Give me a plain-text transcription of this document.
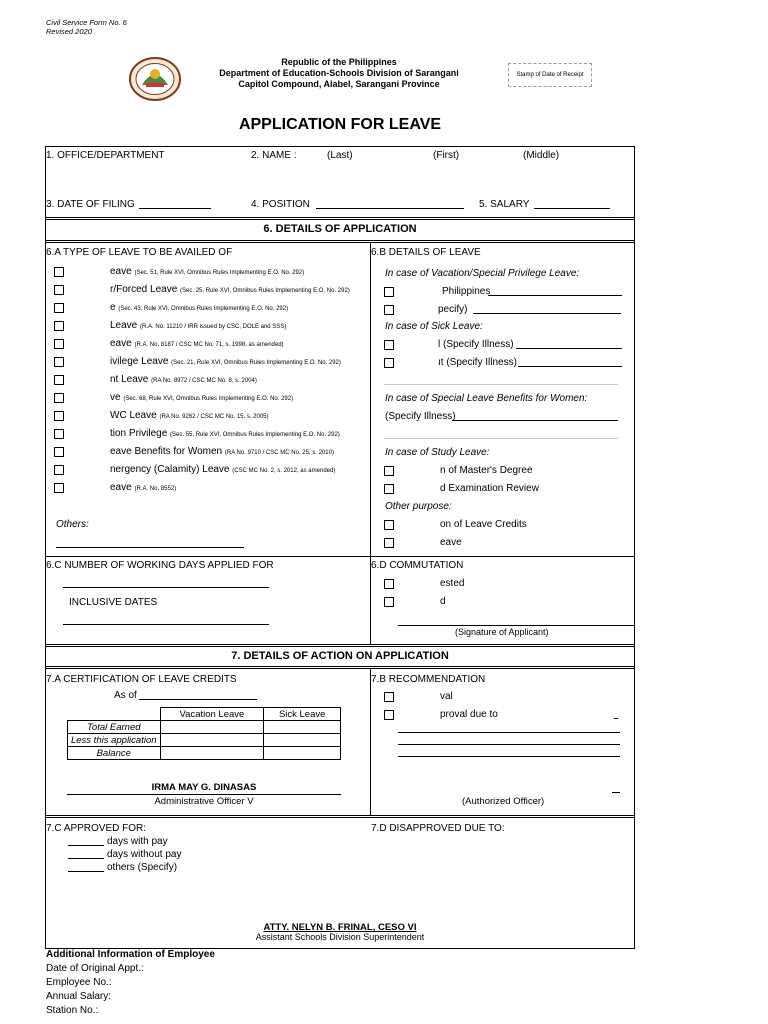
Civil Service Form No. 6
Revised 2020
Republic of the Philippines
Department of Education-Schools Division of Sarangani
Capitol Compound, Alabel, Sarangani Province
Stamp of Date of Receipt
APPLICATION FOR LEAVE
1. OFFICE/DEPARTMENT	2. NAME :	(Last)	(First)	(Middle)
3. DATE OF FILING	4. POSITION	5. SALARY
6. DETAILS OF APPLICATION
6.A TYPE OF LEAVE TO BE AVAILED OF
eave (Sec. 51, Rule XVI, Omnibus Rules Implementing E.O. No. 292)
r/Forced Leave (Sec. 25, Rule XVI, Omnibus Rules Implementing E.O. No. 292)
e (Sec. 43, Rule XVI, Omnibus Rules Implementing E.O. No. 292)
Leave (R.A. No. 11210 / IRR issued by CSC, DOLE and SSS)
eave (R.A. No. 8187 / CSC MC No. 71, s. 1998, as amended)
ivilege Leave (Sec. 21, Rule XVI, Omnibus Rules Implementing E.O. No. 292)
nt Leave (RA No. 8972 / CSC MC No. 8, s. 2004)
ve (Sec. 68, Rule XVI, Omnibus Rules Implementing E.O. No. 292)
WC Leave (RA No. 9262 / CSC MC No. 15, s. 2005)
tion Privilege (Sec. 55, Rule XVI, Omnibus Rules Implementing E.O. No. 292)
eave Benefits for Women (RA No. 9710 / CSC MC No. 25, s. 2010)
nergency (Calamity) Leave (CSC MC No. 2, s. 2012, as amended)
eave (R.A. No. 8552)
Others:
6.B DETAILS OF LEAVE
In case of Vacation/Special Privilege Leave:
Philippines
pecify)
In case of Sick Leave:
l (Specify Illness)
ıt (Specify Illness)
In case of Special Leave Benefits for Women:
(Specify Illness)
In case of Study Leave:
n of Master's Degree
d Examination Review
Other purpose:
on of Leave Credits
eave
6.C NUMBER OF WORKING DAYS APPLIED FOR
INCLUSIVE DATES
6.D COMMUTATION
ested
d
(Signature of Applicant)
7. DETAILS OF ACTION ON APPLICATION
7.A CERTIFICATION OF LEAVE CREDITS
As of
	Vacation Leave	Sick Leave
Total Earned		
Less this application		
Balance		
IRMA MAY G. DINASAS
Administrative Officer V
7.B RECOMMENDATION
val
proval due to
(Authorized Officer)
7.C APPROVED FOR:
days with pay
days without pay
others (Specify)
7.D DISAPPROVED DUE TO:
ATTY. NELYN B. FRINAL, CESO VI
Assistant Schools Division Superintendent
Additional Information of Employee
Date of Original Appt.:
Employee No.:
Annual Salary:
Station No.:
